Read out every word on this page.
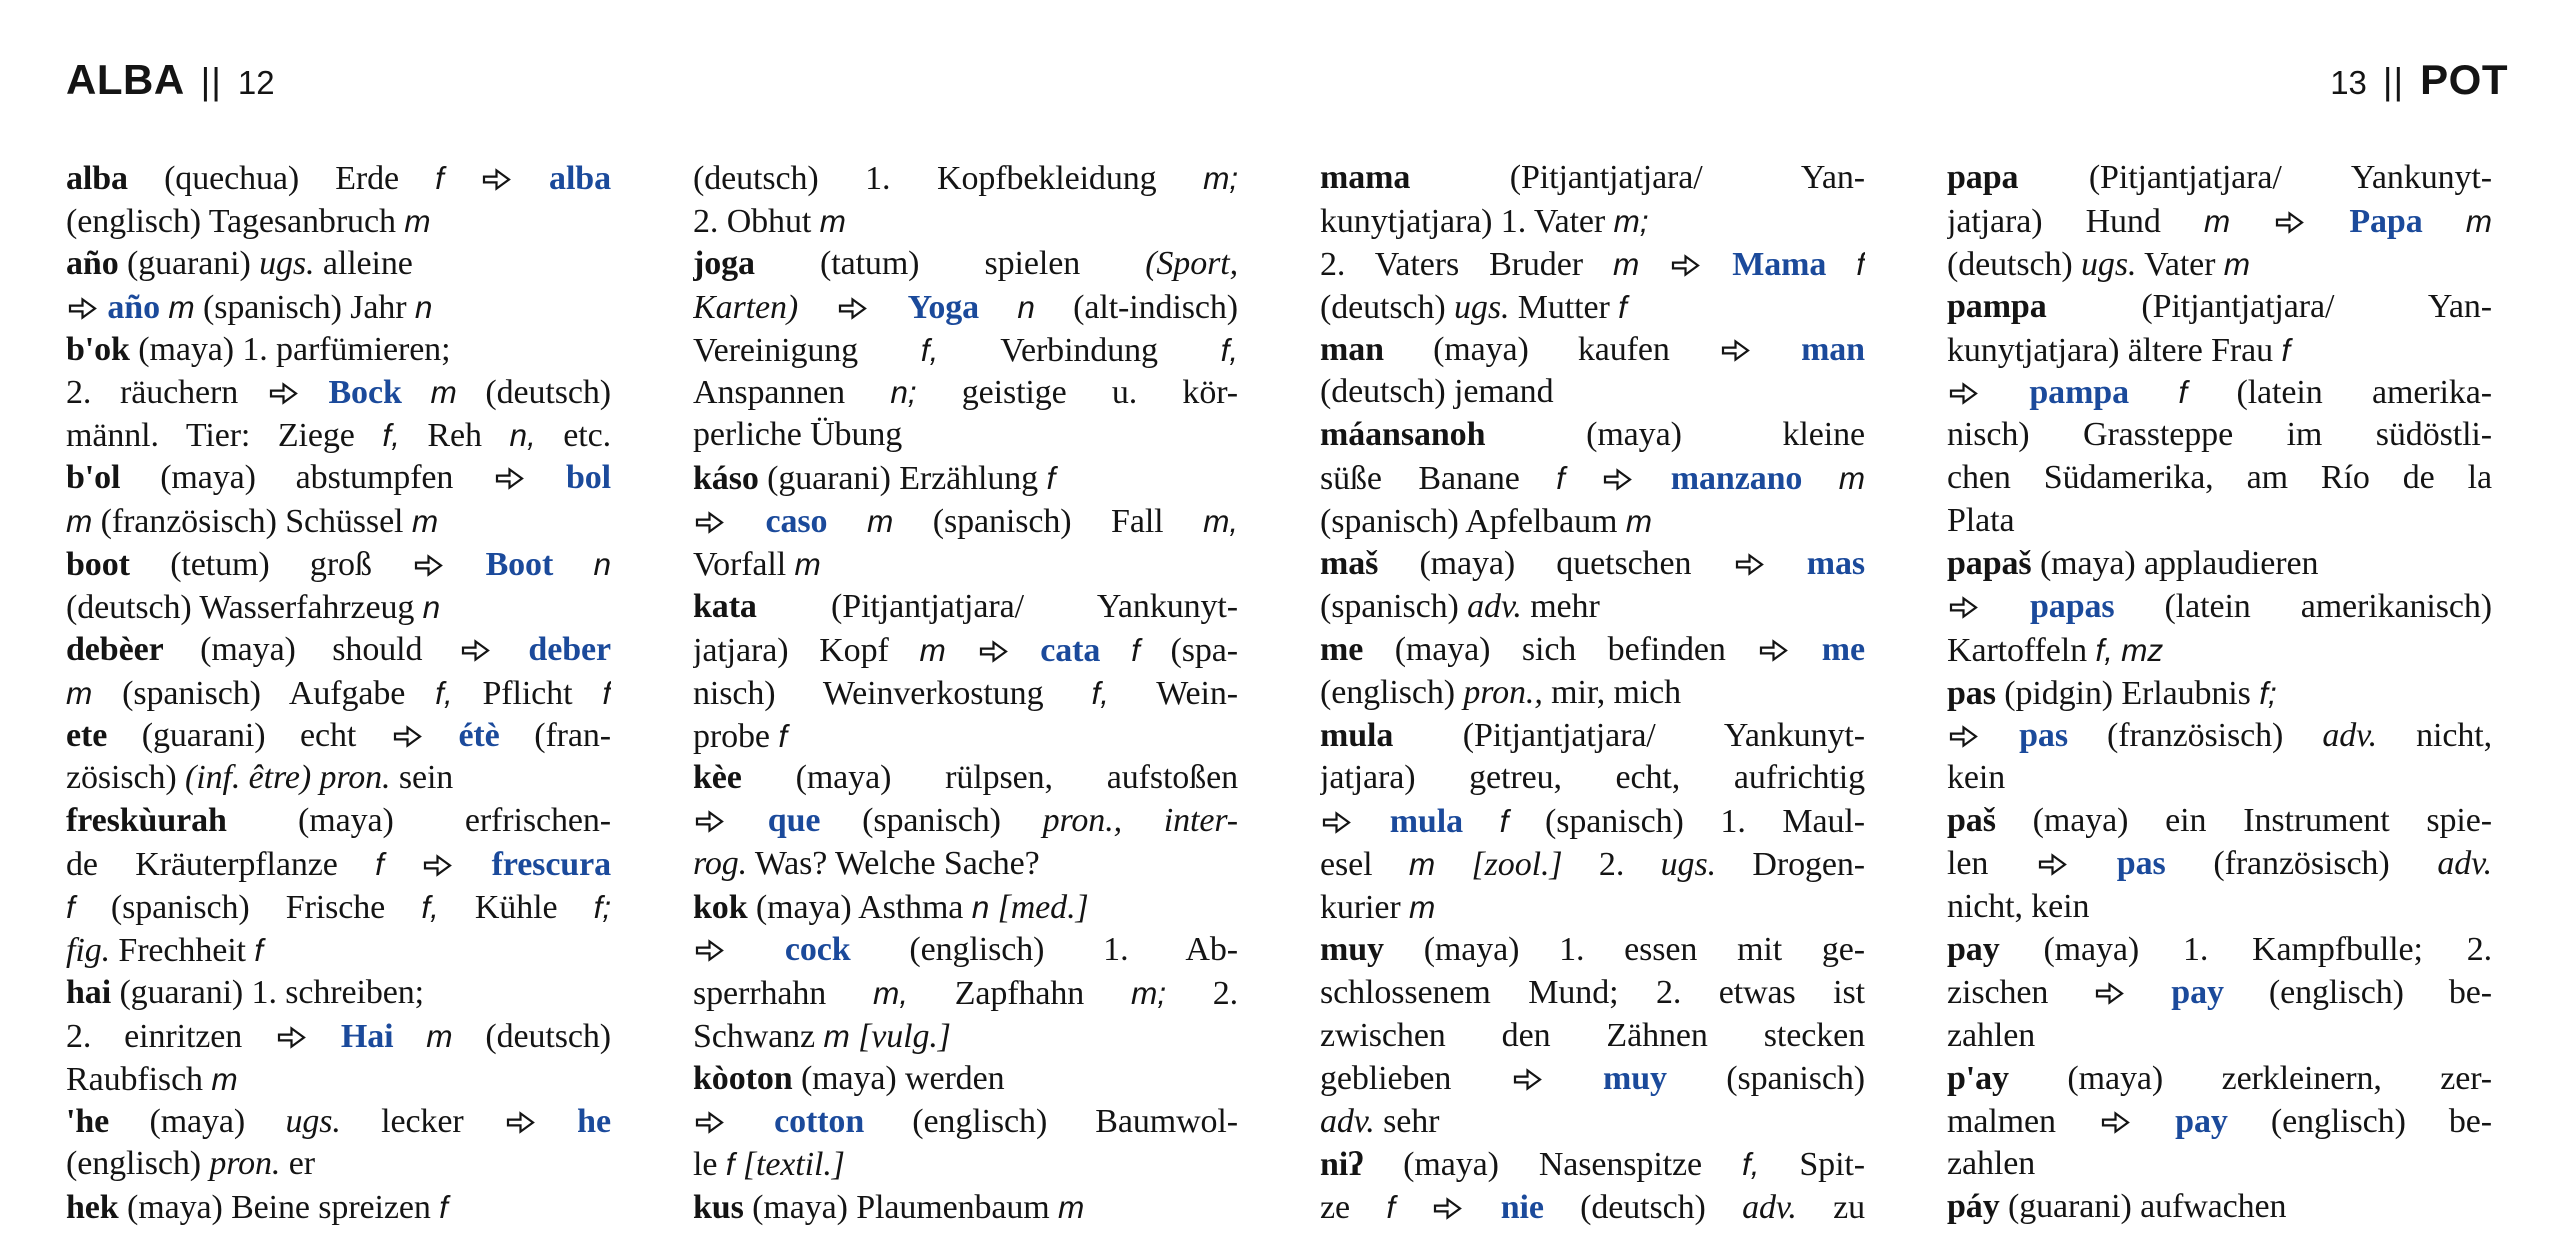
ALBA || 12	13 || POT
alba (quechua) Erde f	alba
(englisch) Tagesanbruch m
año (guarani) ugs. alleine
año m (spanisch) Jahr n
b'ok (maya) 1. parfümieren;
2. räuchern
Bock m (deutsch)
männl. Tier: Ziege f, Reh n, etc.
b'ol (maya) abstumpfen
bol
m (französisch) Schüssel m
boot (tetum) groß
Boot n
(deutsch) Wasserfahrzeug n
debèer (maya) should
deber
m (spanisch) Aufgabe f, Pflicht f
ete (guarani) echt
étè (fran-
zösisch) (inf. être) pron. sein
freskùurah (maya) erfrischen-
de Kräuterpflanze f	frescura
f (spanisch) Frische f, Kühle f;
fig. Frechheit f
hai (guarani) 1. schreiben;
2. einritzen
Hai m (deutsch)
Raubfisch m
'he (maya) ugs. lecker
he
(englisch) pron. er
hek (maya) Beine spreizen f
(deutsch) 1. Kopfbekleidung m;
2. Obhut m
joga (tatum) spielen (Sport,
Karten)	Yoga n (alt-indisch)
Vereinigung f, Verbindung f,
Anspannen n; geistige u. kör-
perliche Übung
káso (guarani) Erzählung f
caso m (spanisch) Fall m,
Vorfall m
kata (Pitjantjatjara/ Yankunyt-
jatjara) Kopf m	cata f (spa-
nisch) Weinverkostung f, Wein-
probe f
kèe (maya) rülpsen, aufstoßen
que (spanisch) pron., inter-
rog. Was? Welche Sache?
kok (maya) Asthma n [med.]
cock (englisch) 1. Ab-
sperrhahn m, Zapfhahn m; 2.
Schwanz m [vulg.]
kòoton (maya) werden
cotton (englisch) Baumwol-
le f [textil.]
kus (maya) Plaumenbaum m
mama (Pitjantjatjara/ Yan-
kunytjatjara) 1. Vater m;
2. Vaters Bruder m	Mama f
(deutsch) ugs. Mutter f
man (maya) kaufen
man
(deutsch) jemand
máansanoh (maya) kleine
süße Banane f	manzano m
(spanisch) Apfelbaum m
maš (maya) quetschen
mas
(spanisch) adv. mehr
me (maya) sich befinden
me
(englisch) pron., mir, mich
mula (Pitjantjatjara/ Yankunyt-
jatjara) getreu, echt, aufrichtig
mula f (spanisch) 1. Maul-
esel m [zool.] 2. ugs. Drogen-
kurier m
muy (maya) 1. essen mit ge-
schlossenem Mund; 2. etwas ist
zwischen den Zähnen stecken
geblieben	muy (spanisch)
adv. sehr
niʔ (maya) Nasenspitze f, Spit-
ze f	nie (deutsch) adv. zu
papa (Pitjantjatjara/ Yankunyt-
jatjara) Hund m	Papa m
(deutsch) ugs. Vater m
pampa (Pitjantjatjara/ Yan-
kunytjatjara) ältere Frau f
pampa f (latein amerika-
nisch) Grassteppe im südöstli-
chen Südamerika, am Río de la
Plata
papaš (maya) applaudieren
papas (latein amerikanisch)
Kartoffeln f, mz
pas (pidgin) Erlaubnis f;
pas (französisch) adv. nicht,
kein
paš (maya) ein Instrument spie-
len
pas (französisch) adv.
nicht, kein
pay (maya) 1. Kampfbulle; 2.
zischen
pay (englisch) be-
zahlen
p'ay (maya) zerkleinern, zer-
malmen
pay (englisch) be-
zahlen
páy (guarani) aufwachen
